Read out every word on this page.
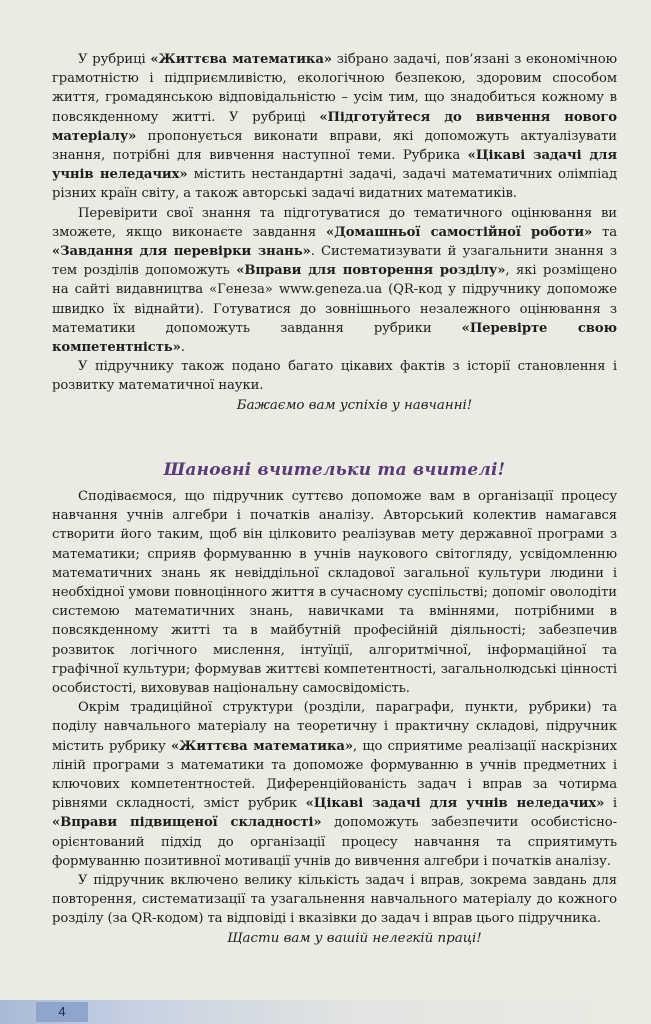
У рубриці «Життєва математика» зібрано задачі, пов’язані з економічною грамотністю і підприємливістю, екологічною безпекою, здоровим способом життя, громадянською відповідальністю – усім тим, що знадобиться кожному в повсякденному житті. У рубриці «Підготуйтеся до вивчення нового матеріалу» пропонується виконати вправи, які допоможуть актуалізувати знання, потрібні для вивчення наступної теми. Рубрика «Цікаві задачі для учнів неледачих» містить нестандартні задачі, задачі математичних олімпіад різних країн світу, а також авторські задачі видатних математиків.

Перевірити свої знання та підготуватися до тематичного оцінювання ви зможете, якщо виконаєте завдання «Домашньої самостійної роботи» та «Завдання для перевірки знань». Систематизувати й узагальнити знання з тем розділів допоможуть «Вправи для повторення розділу», які розміщено на сайті видавництва «Генеза» www.geneza.ua (QR-код у підручнику допоможе швидко їх віднайти). Готуватися до зовнішнього незалежного оцінювання з математики допоможуть завдання рубрики «Перевірте свою компетентність».

У підручнику також подано багато цікавих фактів з історії становлення і розвитку математичної науки.

Бажаємо вам успіхів у навчанні!

Шановні вчительки та вчителі!

Сподіваємося, що підручник суттєво допоможе вам в організації процесу навчання учнів алгебри і початків аналізу. Авторський колектив намагався створити його таким, щоб він цілковито реалізував мету державної програми з математики; сприяв формуванню в учнів наукового світогляду, усвідомленню математичних знань як невіддільної складової загальної культури людини і необхідної умови повноцінного життя в сучасному суспільстві; допоміг оволодіти системою математичних знань, навичками та вміннями, потрібними в повсякденному житті та в майбутній професійній діяльності; забезпечив розвиток логічного мислення, інтуїції, алгоритмічної, інформаційної та графічної культури; формував життєві компетентності, загальнолюдські цінності особистості, виховував національну самосвідомість.

Окрім традиційної структури (розділи, параграфи, пункти, рубрики) та поділу навчального матеріалу на теоретичну і практичну складові, підручник містить рубрику «Життєва математика», що сприятиме реалізації наскрізних ліній програми з математики та допоможе формуванню в учнів предметних і ключових компетентностей. Диференційованість задач і вправ за чотирма рівнями складності, зміст рубрик «Цікаві задачі для учнів неледачих» і «Вправи підвищеної складності» допоможуть забезпечити особистісно-орієнтований підхід до організації процесу навчання та сприятимуть формуванню позитивної мотивації учнів до вивчення алгебри і початків аналізу.

У підручник включено велику кількість задач і вправ, зокрема завдань для повторення, систематизації та узагальнення навчального матеріалу до кожного розділу (за QR-кодом) та відповіді і вказівки до задач і вправ цього підручника.

Щасти вам у вашій нелегкій праці!

4
